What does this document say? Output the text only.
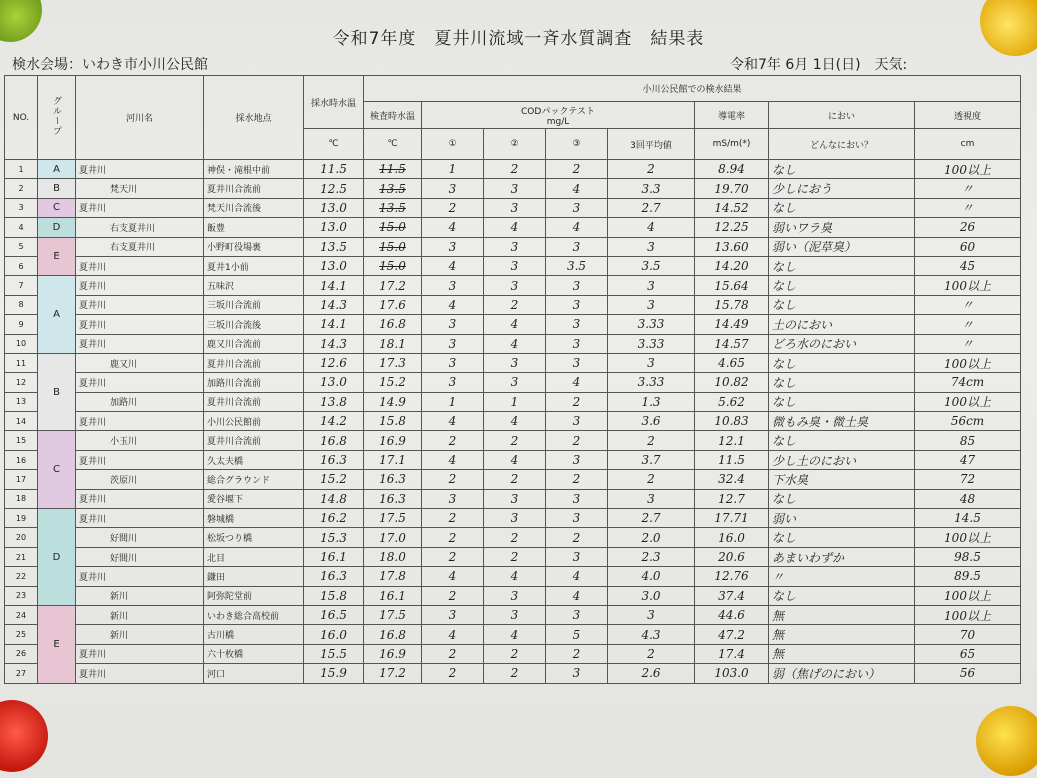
令和7年度　夏井川流域一斉水質調査　結果表
検水会場：いわき市小川公民館	令和7年 6月 1日(日)　天気:
NO.	グループ	河川名	採水地点	採水時水温	小川公民館での検水結果							
					検査時水温	CODパックテスト
mg/L				導電率	におい	透視度
				℃	℃	①	②	③	3回平均値	mS/m(*)	どんなにおい？	cm
1	A	夏井川	神俣・滝根中前	11.5	11.5	1	2	2	2	8.94	なし	100以上
2	B	梵天川	夏井川合流前	12.5	13.5	3	3	4	3.3	19.70	少しにおう	〃
3	C	夏井川	梵天川合流後	13.0	13.5	2	3	3	2.7	14.52	なし	〃
4	D	右支夏井川	飯豊	13.0	15.0	4	4	4	4	12.25	弱いワラ臭	26
5	E	右支夏井川	小野町役場裏	13.5	15.0	3	3	3	3	13.60	弱い（泥草臭）	60
6		夏井川	夏井1小前	13.0	15.0	4	3	3.5	3.5	14.20	なし	45
7	A	夏井川	五味沢	14.1	17.2	3	3	3	3	15.64	なし	100以上
8		夏井川	三坂川合流前	14.3	17.6	4	2	3	3	15.78	なし	〃
9		夏井川	三坂川合流後	14.1	16.8	3	4	3	3.33	14.49	土のにおい	〃
10		夏井川	鹿又川合流前	14.3	18.1	3	4	3	3.33	14.57	どろ水のにおい	〃
11	B	鹿又川	夏井川合流前	12.6	17.3	3	3	3	3	4.65	なし	100以上
12		夏井川	加路川合流前	13.0	15.2	3	3	4	3.33	10.82	なし	74cm
13		加路川	夏井川合流前	13.8	14.9	1	1	2	1.3	5.62	なし	100以上
14		夏井川	小川公民館前	14.2	15.8	4	4	3	3.6	10.83	微もみ臭・微土臭	56cm
15	C	小玉川	夏井川合流前	16.8	16.9	2	2	2	2	12.1	なし	85
16		夏井川	久太夫橋	16.3	17.1	4	4	3	3.7	11.5	少し土のにおい	47
17		茨原川	総合グラウンド	15.2	16.3	2	2	2	2	32.4	下水臭	72
18		夏井川	愛谷堰下	14.8	16.3	3	3	3	3	12.7	なし	48
19	D	夏井川	磐城橋	16.2	17.5	2	3	3	2.7	17.71	弱い	14.5
20		好間川	松坂つり橋	15.3	17.0	2	2	2	2.0	16.0	なし	100以上
21		好間川	北目	16.1	18.0	2	2	3	2.3	20.6	あまいわずか	98.5
22		夏井川	鎌田	16.3	17.8	4	4	4	4.0	12.76	〃	89.5
23		新川	阿弥陀堂前	15.8	16.1	2	3	4	3.0	37.4	なし	100以上
24	E	新川	いわき総合高校前	16.5	17.5	3	3	3	3	44.6	無	100以上
25		新川	古川橋	16.0	16.8	4	4	5	4.3	47.2	無	70
26		夏井川	六十枚橋	15.5	16.9	2	2	2	2	17.4	無	65
27		夏井川	河口	15.9	17.2	2	2	3	2.6	103.0	弱（焦げのにおい）	56
